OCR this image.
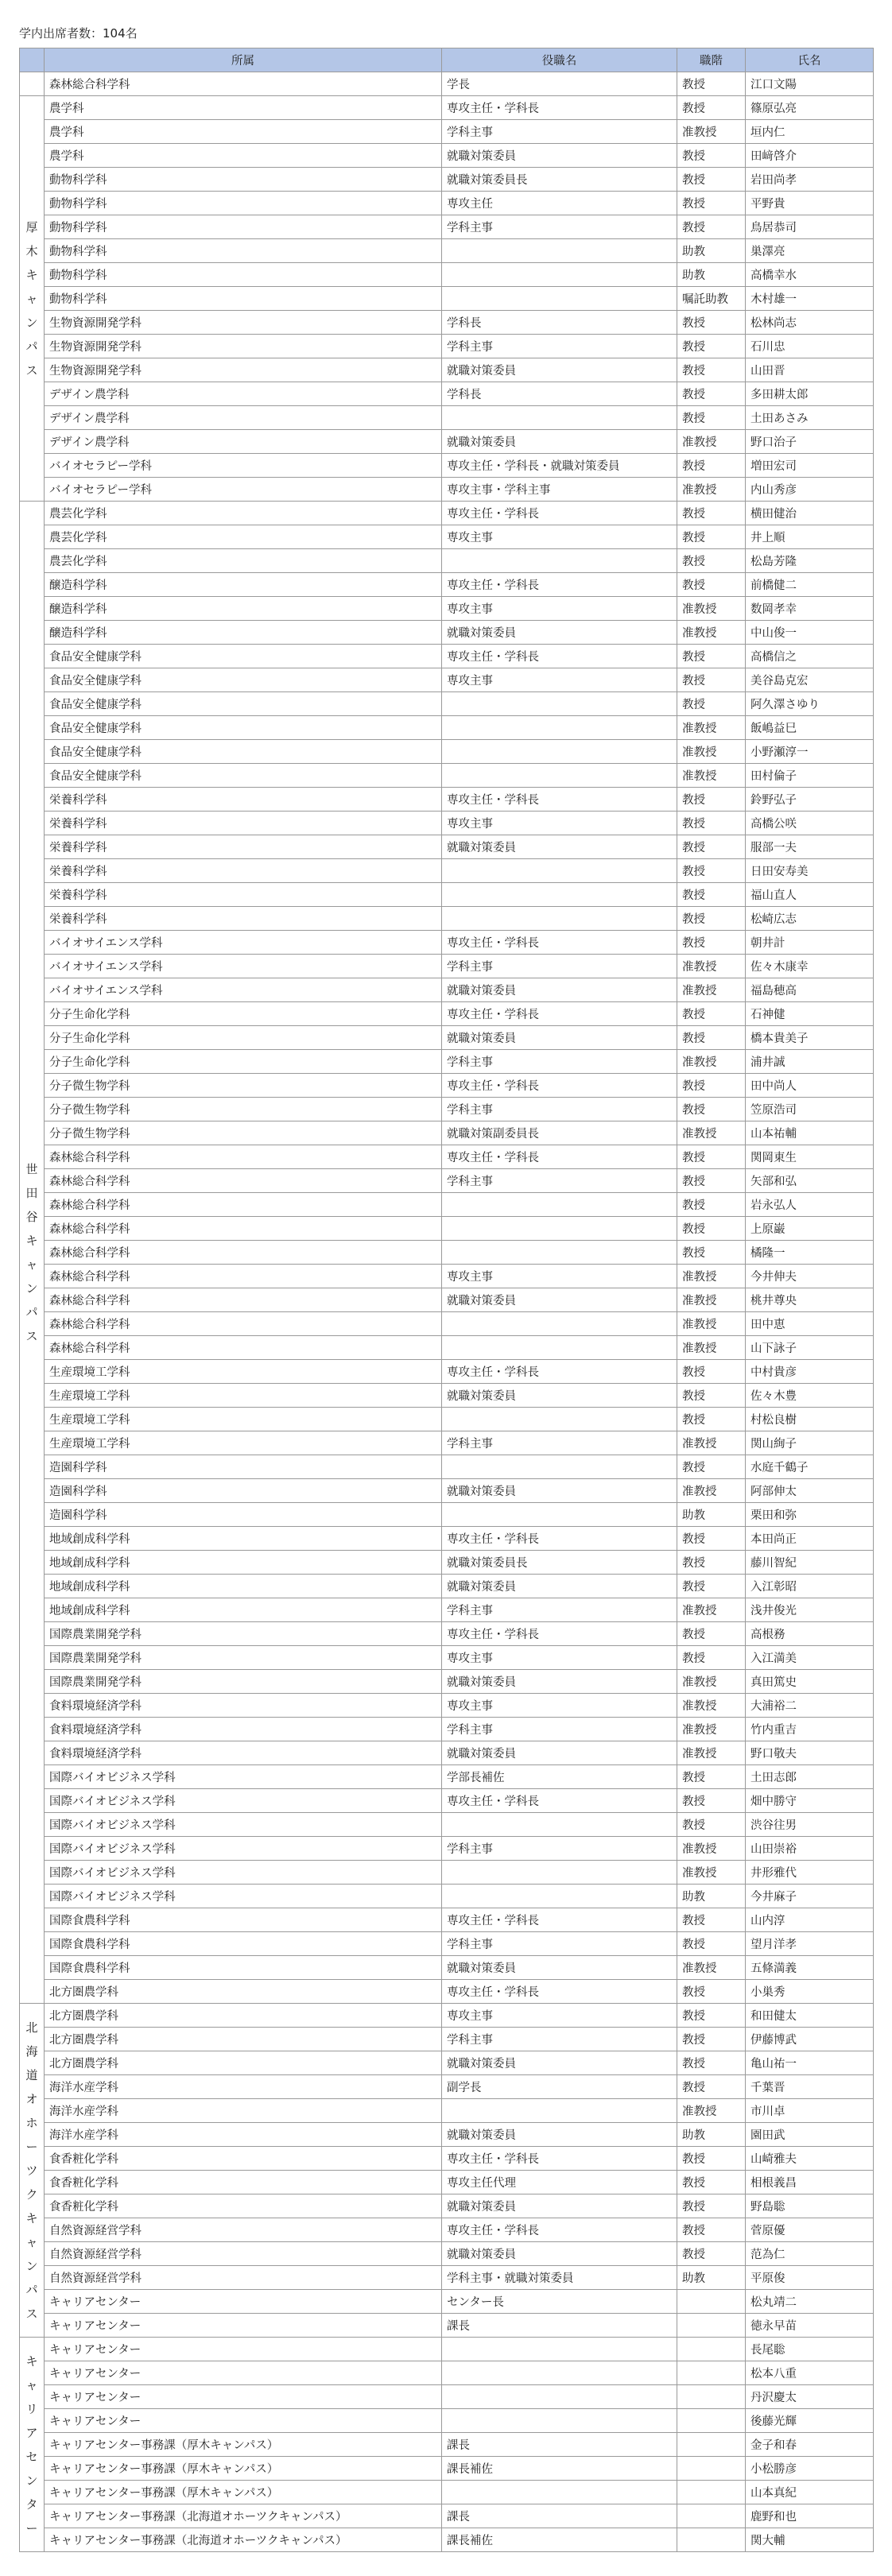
学内出席者数：104名
	所属	役職名	職階	氏名
	森林総合科学科	学長	教授	江口文陽
厚木キャンパス	農学科	専攻主任・学科長	教授	篠原弘亮
	農学科	学科主事	准教授	垣内仁
	農学科	就職対策委員	教授	田﨑啓介
	動物科学科	就職対策委員長	教授	岩田尚孝
	動物科学科	専攻主任	教授	平野貴
	動物科学科	学科主事	教授	鳥居恭司
	動物科学科		助教	巣澤亮
	動物科学科		助教	高橋幸水
	動物科学科		嘱託助教	木村雄一
	生物資源開発学科	学科長	教授	松林尚志
	生物資源開発学科	学科主事	教授	石川忠
	生物資源開発学科	就職対策委員	教授	山田晋
	デザイン農学科	学科長	教授	多田耕太郎
	デザイン農学科		教授	土田あさみ
	デザイン農学科	就職対策委員	准教授	野口治子
	バイオセラピー学科	専攻主任・学科長・就職対策委員	教授	増田宏司
	バイオセラピー学科	専攻主事・学科主事	准教授	内山秀彦
世田谷キャンパス	農芸化学科	専攻主任・学科長	教授	横田健治
	農芸化学科	専攻主事	教授	井上順
	農芸化学科		教授	松島芳隆
	醸造科学科	専攻主任・学科長	教授	前橋健二
	醸造科学科	専攻主事	准教授	数岡孝幸
	醸造科学科	就職対策委員	准教授	中山俊一
	食品安全健康学科	専攻主任・学科長	教授	高橋信之
	食品安全健康学科	専攻主事	教授	美谷島克宏
	食品安全健康学科		教授	阿久澤さゆり
	食品安全健康学科		准教授	飯嶋益巳
	食品安全健康学科		准教授	小野瀬淳一
	食品安全健康学科		准教授	田村倫子
	栄養科学科	専攻主任・学科長	教授	鈴野弘子
	栄養科学科	専攻主事	教授	高橋公咲
	栄養科学科	就職対策委員	教授	服部一夫
	栄養科学科		教授	日田安寿美
	栄養科学科		教授	福山直人
	栄養科学科		教授	松崎広志
	バイオサイエンス学科	専攻主任・学科長	教授	朝井計
	バイオサイエンス学科	学科主事	准教授	佐々木康幸
	バイオサイエンス学科	就職対策委員	准教授	福島穂高
	分子生命化学科	専攻主任・学科長	教授	石神健
	分子生命化学科	就職対策委員	教授	橋本貴美子
	分子生命化学科	学科主事	准教授	浦井誠
	分子微生物学科	専攻主任・学科長	教授	田中尚人
	分子微生物学科	学科主事	教授	笠原浩司
	分子微生物学科	就職対策副委員長	准教授	山本祐輔
	森林総合科学科	専攻主任・学科長	教授	関岡東生
	森林総合科学科	学科主事	教授	矢部和弘
	森林総合科学科		教授	岩永弘人
	森林総合科学科		教授	上原巌
	森林総合科学科		教授	橘隆一
	森林総合科学科	専攻主事	准教授	今井伸夫
	森林総合科学科	就職対策委員	准教授	桃井尊央
	森林総合科学科		准教授	田中恵
	森林総合科学科		准教授	山下詠子
	生産環境工学科	専攻主任・学科長	教授	中村貴彦
	生産環境工学科	就職対策委員	教授	佐々木豊
	生産環境工学科		教授	村松良樹
	生産環境工学科	学科主事	准教授	関山絢子
	造園科学科		教授	水庭千鶴子
	造園科学科	就職対策委員	准教授	阿部伸太
	造園科学科		助教	栗田和弥
	地域創成科学科	専攻主任・学科長	教授	本田尚正
	地域創成科学科	就職対策委員長	教授	藤川智紀
	地域創成科学科	就職対策委員	教授	入江彰昭
	地域創成科学科	学科主事	准教授	浅井俊光
	国際農業開発学科	専攻主任・学科長	教授	高根務
	国際農業開発学科	専攻主事	教授	入江満美
	国際農業開発学科	就職対策委員	准教授	真田篤史
	食料環境経済学科	専攻主事	准教授	大浦裕二
	食料環境経済学科	学科主事	准教授	竹内重吉
	食料環境経済学科	就職対策委員	准教授	野口敬夫
	国際バイオビジネス学科	学部長補佐	教授	土田志郎
	国際バイオビジネス学科	専攻主任・学科長	教授	畑中勝守
	国際バイオビジネス学科		教授	渋谷往男
	国際バイオビジネス学科	学科主事	准教授	山田崇裕
	国際バイオビジネス学科		准教授	井形雅代
	国際バイオビジネス学科		助教	今井麻子
	国際食農科学科	専攻主任・学科長	教授	山内淳
	国際食農科学科	学科主事	教授	望月洋孝
	国際食農科学科	就職対策委員	准教授	五條満義
	北方圏農学科	専攻主任・学科長	教授	小巣秀
北海道オホーツクキャンパス	北方圏農学科	専攻主事	教授	和田健太
	北方圏農学科	学科主事	教授	伊藤博武
	北方圏農学科	就職対策委員	教授	亀山祐一
	海洋水産学科	副学長	教授	千葉晋
	海洋水産学科		准教授	市川卓
	海洋水産学科	就職対策委員	助教	園田武
	食香粧化学科	専攻主任・学科長	教授	山崎雅夫
	食香粧化学科	専攻主任代理	教授	相根義昌
	食香粧化学科	就職対策委員	教授	野島聡
	自然資源経営学科	専攻主任・学科長	教授	菅原優
	自然資源経営学科	就職対策委員	教授	范為仁
	自然資源経営学科	学科主事・就職対策委員	助教	平原俊
	キャリアセンター	センター長		松丸靖二
	キャリアセンター	課長		徳永早苗
キャリアセンター	キャリアセンター			長尾聡
	キャリアセンター			松本八重
	キャリアセンター			丹沢慶太
	キャリアセンター			後藤光輝
	キャリアセンター事務課（厚木キャンパス）	課長		金子和春
	キャリアセンター事務課（厚木キャンパス）	課長補佐		小松勝彦
	キャリアセンター事務課（厚木キャンパス）			山本真紀
	キャリアセンター事務課（北海道オホーツクキャンパス）	課長		鹿野和也
	キャリアセンター事務課（北海道オホーツクキャンパス）	課長補佐		関大輔
